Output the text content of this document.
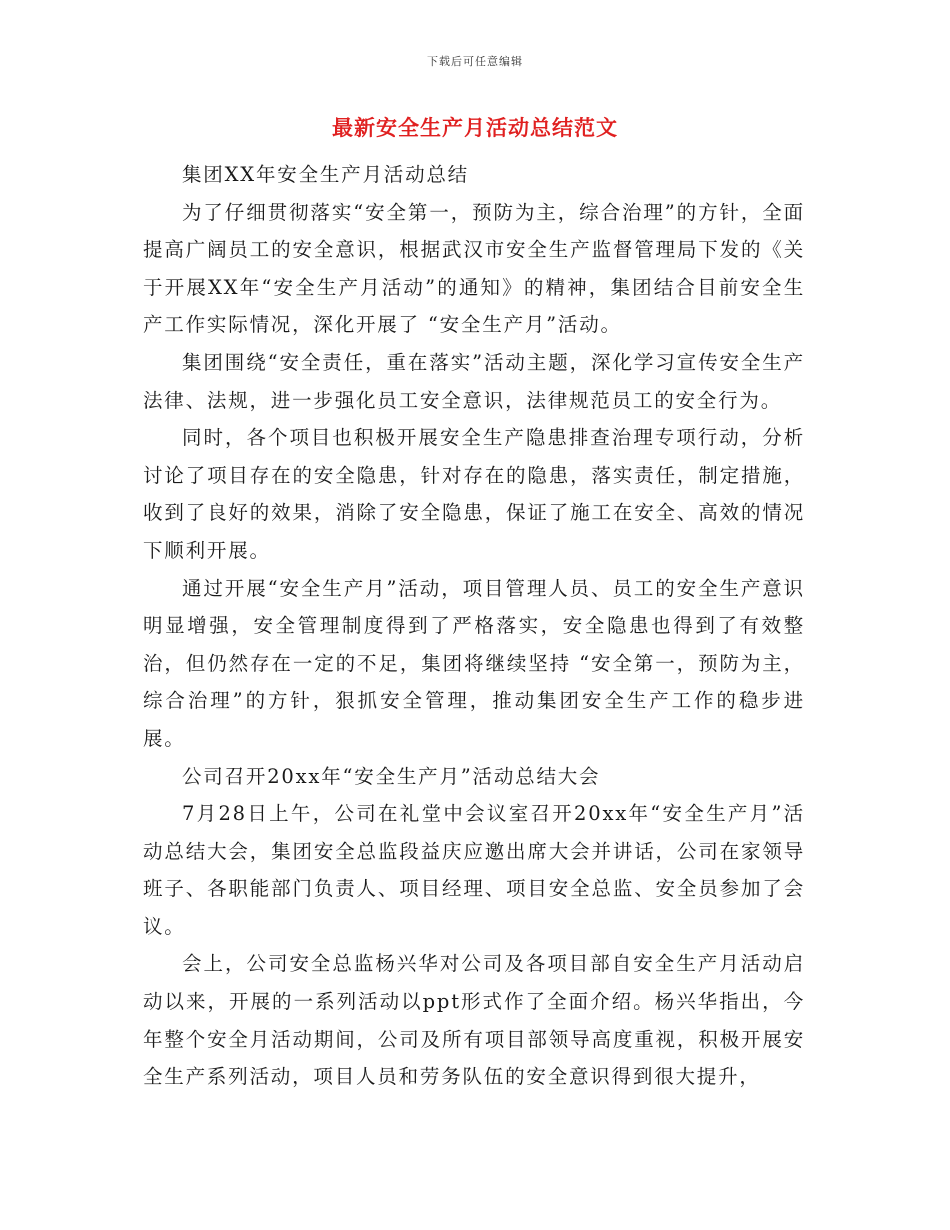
下载后可任意编辑
最新安全生产月活动总结范文

集团XX年安全生产月活动总结

为了仔细贯彻落实“安全第一，预防为主，综合治理”的方针，全面提高广阔员工的安全意识，根据武汉市安全生产监督管理局下发的《关于开展XX年“安全生产月活动”的通知》的精神，集团结合目前安全生产工作实际情况，深化开展了 “安全生产月”活动。

集团围绕“安全责任，重在落实”活动主题，深化学习宣传安全生产法律、法规，进一步强化员工安全意识，法律规范员工的安全行为。

同时，各个项目也积极开展安全生产隐患排查治理专项行动，分析讨论了项目存在的安全隐患，针对存在的隐患，落实责任，制定措施，收到了良好的效果，消除了安全隐患，保证了施工在安全、高效的情况下顺利开展。

通过开展“安全生产月”活动，项目管理人员、员工的安全生产意识明显增强，安全管理制度得到了严格落实，安全隐患也得到了有效整治，但仍然存在一定的不足，集团将继续坚持 “安全第一，预防为主，综合治理”的方针，狠抓安全管理，推动集团安全生产工作的稳步进展。

公司召开20xx年“安全生产月”活动总结大会

7月28日上午，公司在礼堂中会议室召开20xx年“安全生产月”活动总结大会，集团安全总监段益庆应邀出席大会并讲话，公司在家领导班子、各职能部门负责人、项目经理、项目安全总监、安全员参加了会议。

会上，公司安全总监杨兴华对公司及各项目部自安全生产月活动启动以来，开展的一系列活动以ppt形式作了全面介绍。杨兴华指出，今年整个安全月活动期间，公司及所有项目部领导高度重视，积极开展安全生产系列活动，项目人员和劳务队伍的安全意识得到很大提升，
